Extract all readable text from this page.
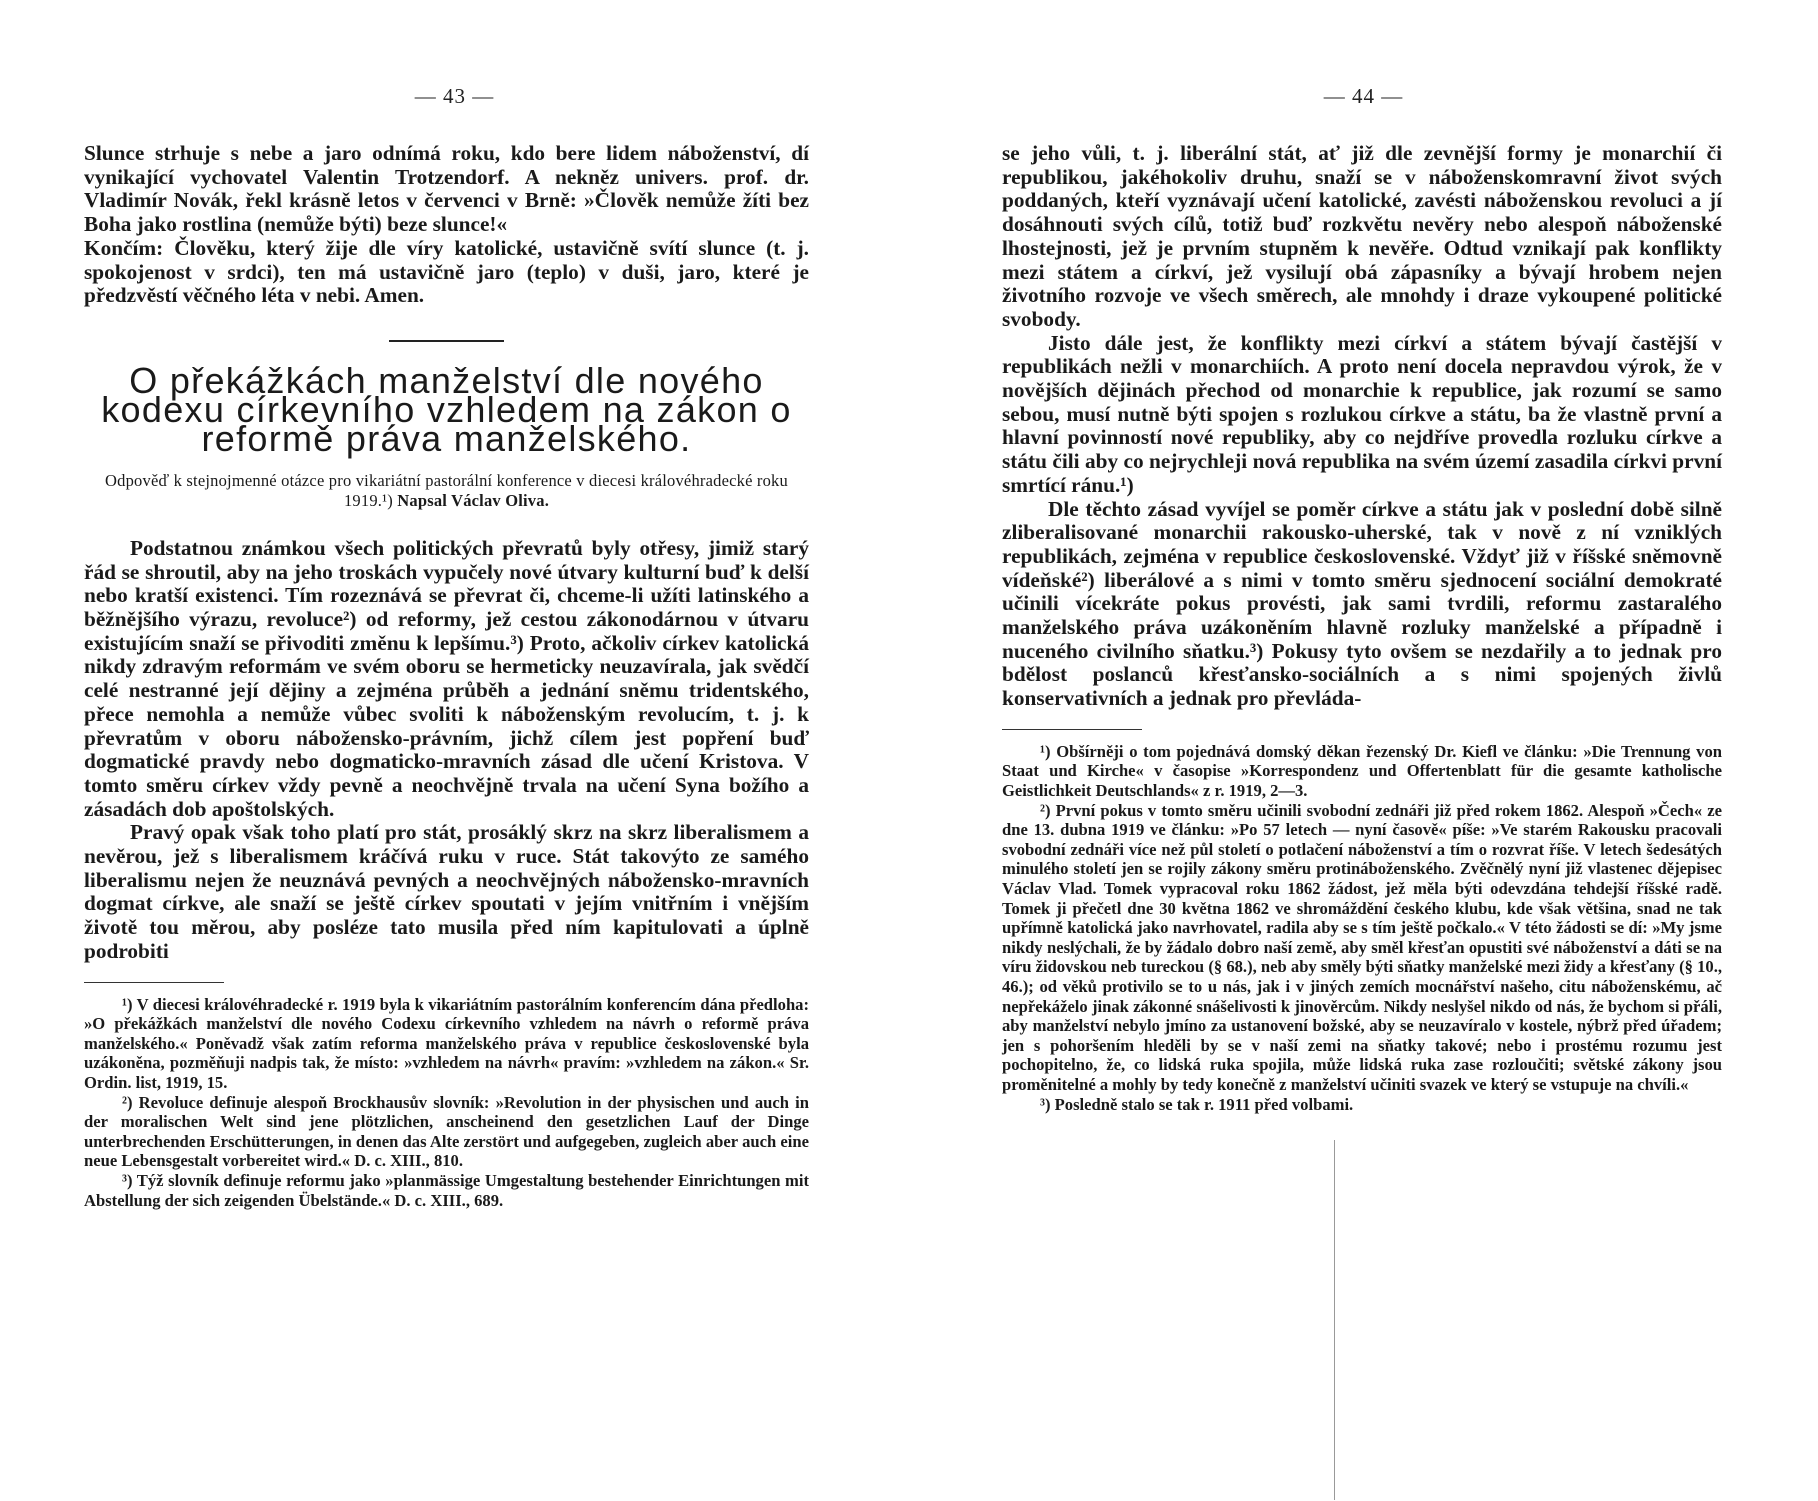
— 43 —

Slunce strhuje s nebe a jaro odnímá roku, kdo bere lidem náboženství, dí vynikající vychovatel Valentin Trotzendorf. A nekněz univers. prof. dr. Vladimír Novák, řekl krásně letos v červenci v Brně: »Člověk nemůže žíti bez Boha jako rostlina (nemůže býti) beze slunce!«

Končím: Člověku, který žije dle víry katolické, ustavičně svítí slunce (t. j. spokojenost v srdci), ten má ustavičně jaro (teplo) v duši, jaro, které je předzvěstí věčného léta v nebi. Amen.

O překážkách manželství dle nového kodexu církevního vzhledem na zákon o reformě práva manželského.
Odpověď k stejnojmenné otázce pro vikariátní pastorální konference v diecesi královéhradecké roku 1919.¹) Napsal Václav Oliva.

Podstatnou známkou všech politických převratů byly otřesy, jimiž starý řád se shroutil, aby na jeho troskách vypučely nové útvary kulturní buď k delší nebo kratší existenci. Tím rozeznává se převrat či, chceme-li užíti latinského a běžnějšího výrazu, revoluce²) od reformy, jež cestou zákonodárnou v útvaru existujícím snaží se přivoditi změnu k lepšímu.³) Proto, ačkoliv církev katolická nikdy zdravým reformám ve svém oboru se hermeticky neuzavírala, jak svědčí celé nestranné její dějiny a zejména průběh a jednání sněmu tridentského, přece nemohla a nemůže vůbec svoliti k náboženským revolucím, t. j. k převratům v oboru nábožensko-právním, jichž cílem jest popření buď dogmatické pravdy nebo dogmaticko-mravních zásad dle učení Kristova. V tomto směru církev vždy pevně a neochvějně trvala na učení Syna božího a zásadách dob apoštolských.

Pravý opak však toho platí pro stát, prosáklý skrz na skrz liberalismem a nevěrou, jež s liberalismem kráčívá ruku v ruce. Stát takovýto ze samého liberalismu nejen že neuznává pevných a neochvějných nábožensko-mravních dogmat církve, ale snaží se ještě církev spoutati v jejím vnitřním i vnějším životě tou měrou, aby posléze tato musila před ním kapitulovati a úplně podrobiti

¹) V diecesi královéhradecké r. 1919 byla k vikariátním pastorálním konferencím dána předloha: »O překážkách manželství dle nového Codexu církevního vzhledem na návrh o reformě práva manželského.« Poněvadž však zatím reforma manželského práva v republice československé byla uzákoněna, pozměňuji nadpis tak, že místo: »vzhledem na návrh« pravím: »vzhledem na zákon.« Sr. Ordin. list, 1919, 15.

²) Revoluce definuje alespoň Brockhausův slovník: »Revolution in der physischen und auch in der moralischen Welt sind jene plötzlichen, anscheinend den gesetzlichen Lauf der Dinge unterbrechenden Erschütterungen, in denen das Alte zerstört und aufgegeben, zugleich aber auch eine neue Lebensgestalt vorbereitet wird.« D. c. XIII., 810.

³) Týž slovník definuje reformu jako »planmässige Umgestaltung bestehender Einrichtungen mit Abstellung der sich zeigenden Übelstände.« D. c. XIII., 689.

— 44 —

se jeho vůli, t. j. liberální stát, ať již dle zevnější formy je monarchií či republikou, jakéhokoliv druhu, snaží se v náboženskomravní život svých poddaných, kteří vyznávají učení katolické, zavésti náboženskou revoluci a jí dosáhnouti svých cílů, totiž buď rozkvětu nevěry nebo alespoň náboženské lhostejnosti, jež je prvním stupněm k nevěře. Odtud vznikají pak konflikty mezi státem a církví, jež vysilují obá zápasníky a bývají hrobem nejen životního rozvoje ve všech směrech, ale mnohdy i draze vykoupené politické svobody.

Jisto dále jest, že konflikty mezi církví a státem bývají častější v republikách nežli v monarchiích. A proto není docela nepravdou výrok, že v novějších dějinách přechod od monarchie k republice, jak rozumí se samo sebou, musí nutně býti spojen s rozlukou církve a státu, ba že vlastně první a hlavní povinností nové republiky, aby co nejdříve provedla rozluku církve a státu čili aby co nejrychleji nová republika na svém území zasadila církvi první smrtící ránu.¹)

Dle těchto zásad vyvíjel se poměr církve a státu jak v poslední době silně zliberalisované monarchii rakousko-uherské, tak v nově z ní vzniklých republikách, zejména v republice československé. Vždyť již v říšské sněmovně vídeňské²) liberálové a s nimi v tomto směru sjednocení sociální demokraté učinili vícekráte pokus provésti, jak sami tvrdili, reformu zastaralého manželského práva uzákoněním hlavně rozluky manželské a případně i nuceného civilního sňatku.³) Pokusy tyto ovšem se nezdařily a to jednak pro bdělost poslanců křesťansko-sociálních a s nimi spojených živlů konservativních a jednak pro převláda-

¹) Obšírněji o tom pojednává domský děkan řezenský Dr. Kiefl ve článku: »Die Trennung von Staat und Kirche« v časopise »Korrespondenz und Offertenblatt für die gesamte katholische Geistlichkeit Deutschlands« z r. 1919, 2—3.

²) První pokus v tomto směru učinili svobodní zednáři již před rokem 1862. Alespoň »Čech« ze dne 13. dubna 1919 ve článku: »Po 57 letech — nyní časově« píše: »Ve starém Rakousku pracovali svobodní zednáři více než půl století o potlačení náboženství a tím o rozvrat říše. V letech šedesátých minulého století jen se rojily zákony směru protináboženského. Zvěčnělý nyní již vlastenec dějepisec Václav Vlad. Tomek vypracoval roku 1862 žádost, jež měla býti odevzdána tehdejší říšské radě. Tomek ji přečetl dne 30 května 1862 ve shromáždění českého klubu, kde však většina, snad ne tak upřímně katolická jako navrhovatel, radila aby se s tím ještě počkalo.« V této žádosti se dí: »My jsme nikdy neslýchali, že by žádalo dobro naší země, aby směl křesťan opustiti své náboženství a dáti se na víru židovskou neb tureckou (§ 68.), neb aby směly býti sňatky manželské mezi židy a křesťany (§ 10., 46.); od věků protivilo se to u nás, jak i v jiných zemích mocnářství našeho, citu náboženskému, ač nepřekáželo jinak zákonné snášelivosti k jinověrcům. Nikdy neslyšel nikdo od nás, že bychom si přáli, aby manželství nebylo jmíno za ustanovení božské, aby se neuzavíralo v kostele, nýbrž před úřadem; jen s pohoršením hleděli by se v naší zemi na sňatky takové; nebo i prostému rozumu jest pochopitelno, že, co lidská ruka spojila, může lidská ruka zase rozloučiti; světské zákony jsou proměnitelné a mohly by tedy konečně z manželství učiniti svazek ve který se vstupuje na chvíli.«

³) Posledně stalo se tak r. 1911 před volbami.
